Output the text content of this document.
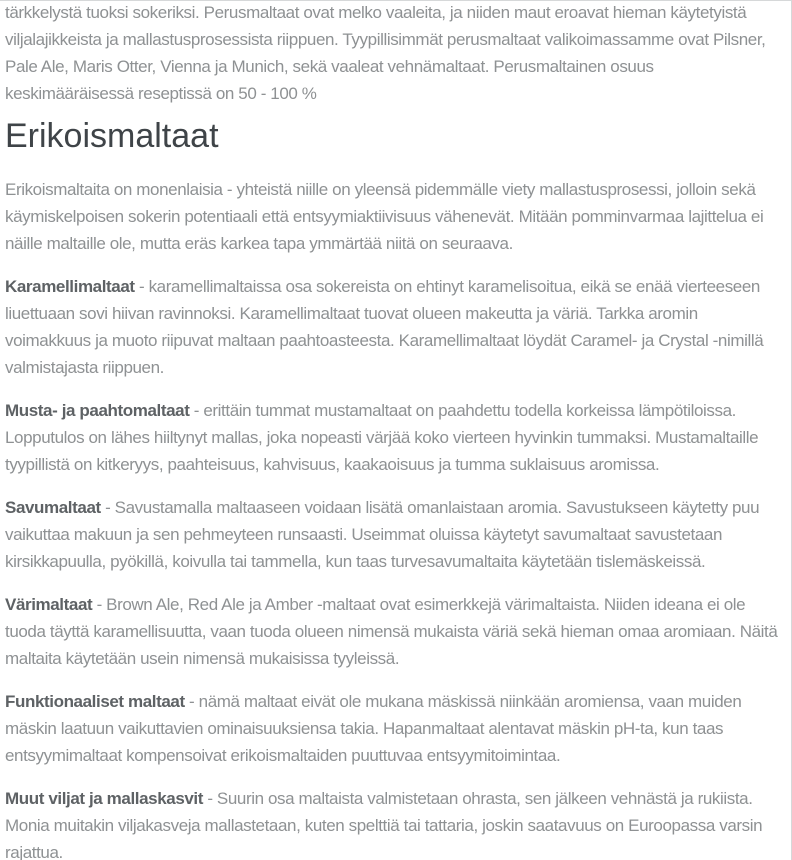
tärkkelystä tuoksi sokeriksi. Perusmaltaat ovat melko vaaleita, ja niiden maut eroavat hieman käytetyistä viljalajikkeista ja mallastusprosessista riippuen. Tyypillisimmät perusmaltaat valikoimassamme ovat Pilsner, Pale Ale, Maris Otter, Vienna ja Munich, sekä vaaleat vehnämaltaat. Perusmaltainen osuus keskimääräisessä reseptissä on 50 - 100 %

Erikoismaltaat

Erikoismaltaita on monenlaisia - yhteistä niille on yleensä pidemmälle viety mallastusprosessi, jolloin sekä käymiskelpoisen sokerin potentiaali että entsyymiaktiivisuus vähenevät. Mitään pomminvarmaa lajittelua ei näille maltaille ole, mutta eräs karkea tapa ymmärtää niitä on seuraava.

Karamellimaltaat - karamellimaltaissa osa sokereista on ehtinyt karamelisoitua, eikä se enää vierteeseen liuettuaan sovi hiivan ravinnoksi. Karamellimaltaat tuovat olueen makeutta ja väriä. Tarkka aromin voimakkuus ja muoto riipuvat maltaan paahtoasteesta. Karamellimaltaat löydät Caramel- ja Crystal -nimillä valmistajasta riippuen.

Musta- ja paahtomaltaat - erittäin tummat mustamaltaat on paahdettu todella korkeissa lämpötiloissa. Lopputulos on lähes hiiltynyt mallas, joka nopeasti värjää koko vierteen hyvinkin tummaksi. Mustamaltaille tyypillistä on kitkeryys, paahteisuus, kahvisuus, kaakaoisuus ja tumma suklaisuus aromissa.

Savumaltaat - Savustamalla maltaaseen voidaan lisätä omanlaistaan aromia. Savustukseen käytetty puu vaikuttaa makuun ja sen pehmeyteen runsaasti. Useimmat oluissa käytetyt savumaltaat savustetaan kirsikkapuulla, pyökillä, koivulla tai tammella, kun taas turvesavumaltaita käytetään tislemäskeissä.

Värimaltaat - Brown Ale, Red Ale ja Amber -maltaat ovat esimerkkejä värimaltaista. Niiden ideana ei ole tuoda täyttä karamellisuutta, vaan tuoda olueen nimensä mukaista väriä sekä hieman omaa aromiaan. Näitä maltaita käytetään usein nimensä mukaisissa tyyleissä.

Funktionaaliset maltaat - nämä maltaat eivät ole mukana mäskissä niinkään aromiensa, vaan muiden mäskin laatuun vaikuttavien ominaisuuksiensa takia. Hapanmaltaat alentavat mäskin pH-ta, kun taas entsyymimaltaat kompensoivat erikoismaltaiden puuttuvaa entsyymitoimintaa.

Muut viljat ja mallaskasvit - Suurin osa maltaista valmistetaan ohrasta, sen jälkeen vehnästä ja rukiista. Monia muitakin viljakasveja mallastetaan, kuten spelttiä tai tattaria, joskin saatavuus on Euroopassa varsin rajattua.
